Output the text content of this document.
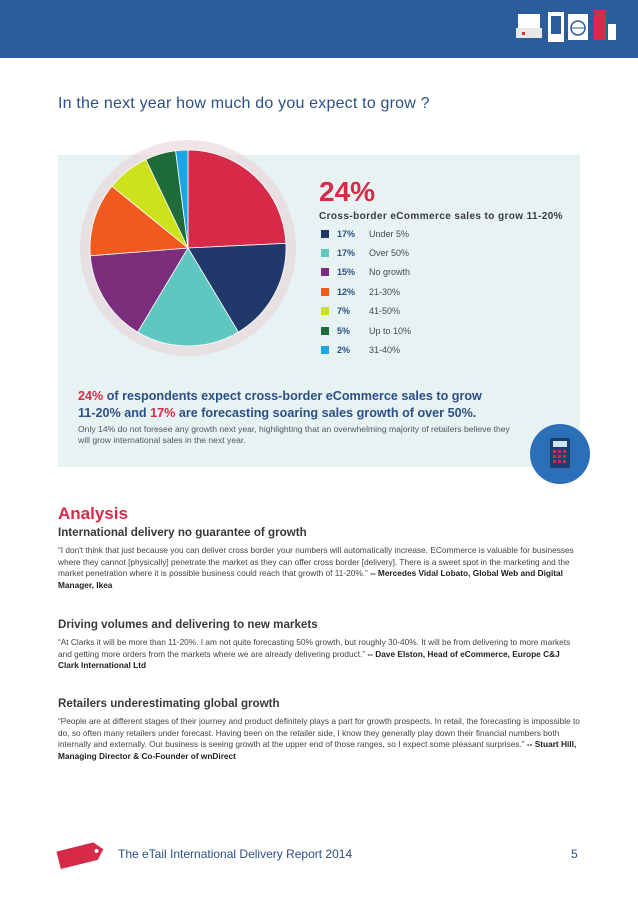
In the next year how much do you expect to grow ?
24%
Cross-border eCommerce sales to grow 11-20%
17%	Under 5%
17%	Over 50%
15%	No growth
12%	21-30%
7%	41-50%
5%	Up to 10%
2%	31-40%
24% of respondents expect cross-border eCommerce sales to grow
11-20% and 17% are forecasting soaring sales growth of over 50%.
Only 14% do not foresee any growth next year, highlighting that an overwhelming majority of retailers believe they will grow international sales in the next year.
Analysis
International delivery no guarantee of growth
“I don't think that just because you can deliver cross border your numbers will automatically increase. ECommerce is valuable for businesses where they cannot [physically] penetrate the market as they can offer cross border [delivery]. There is a sweet spot in the marketing and the market penetration where it is possible business could reach that growth of 11-20%.” -- Mercedes Vidal Lobato, Global Web and Digital Manager, Ikea
Driving volumes and delivering to new markets
“At Clarks it will be more than 11-20%. I am not quite forecasting 50% growth, but roughly 30-40%. It will be from delivering to more markets and getting more orders from the markets where we are already delivering product.” -- Dave Elston, Head of eCommerce, Europe C&J Clark International Ltd
Retailers underestimating global growth
“People are at different stages of their journey and product definitely plays a part for growth prospects. In retail, the forecasting is impossible to do, so often many retailers under forecast. Having been on the retailer side, I know they generally play down their financial numbers both internally and externally. Our business is seeing growth at the upper end of those ranges, so I expect some pleasant surprises.” -- Stuart Hill, Managing Director & Co-Founder of wnDirect
The eTail International Delivery Report 2014	5
